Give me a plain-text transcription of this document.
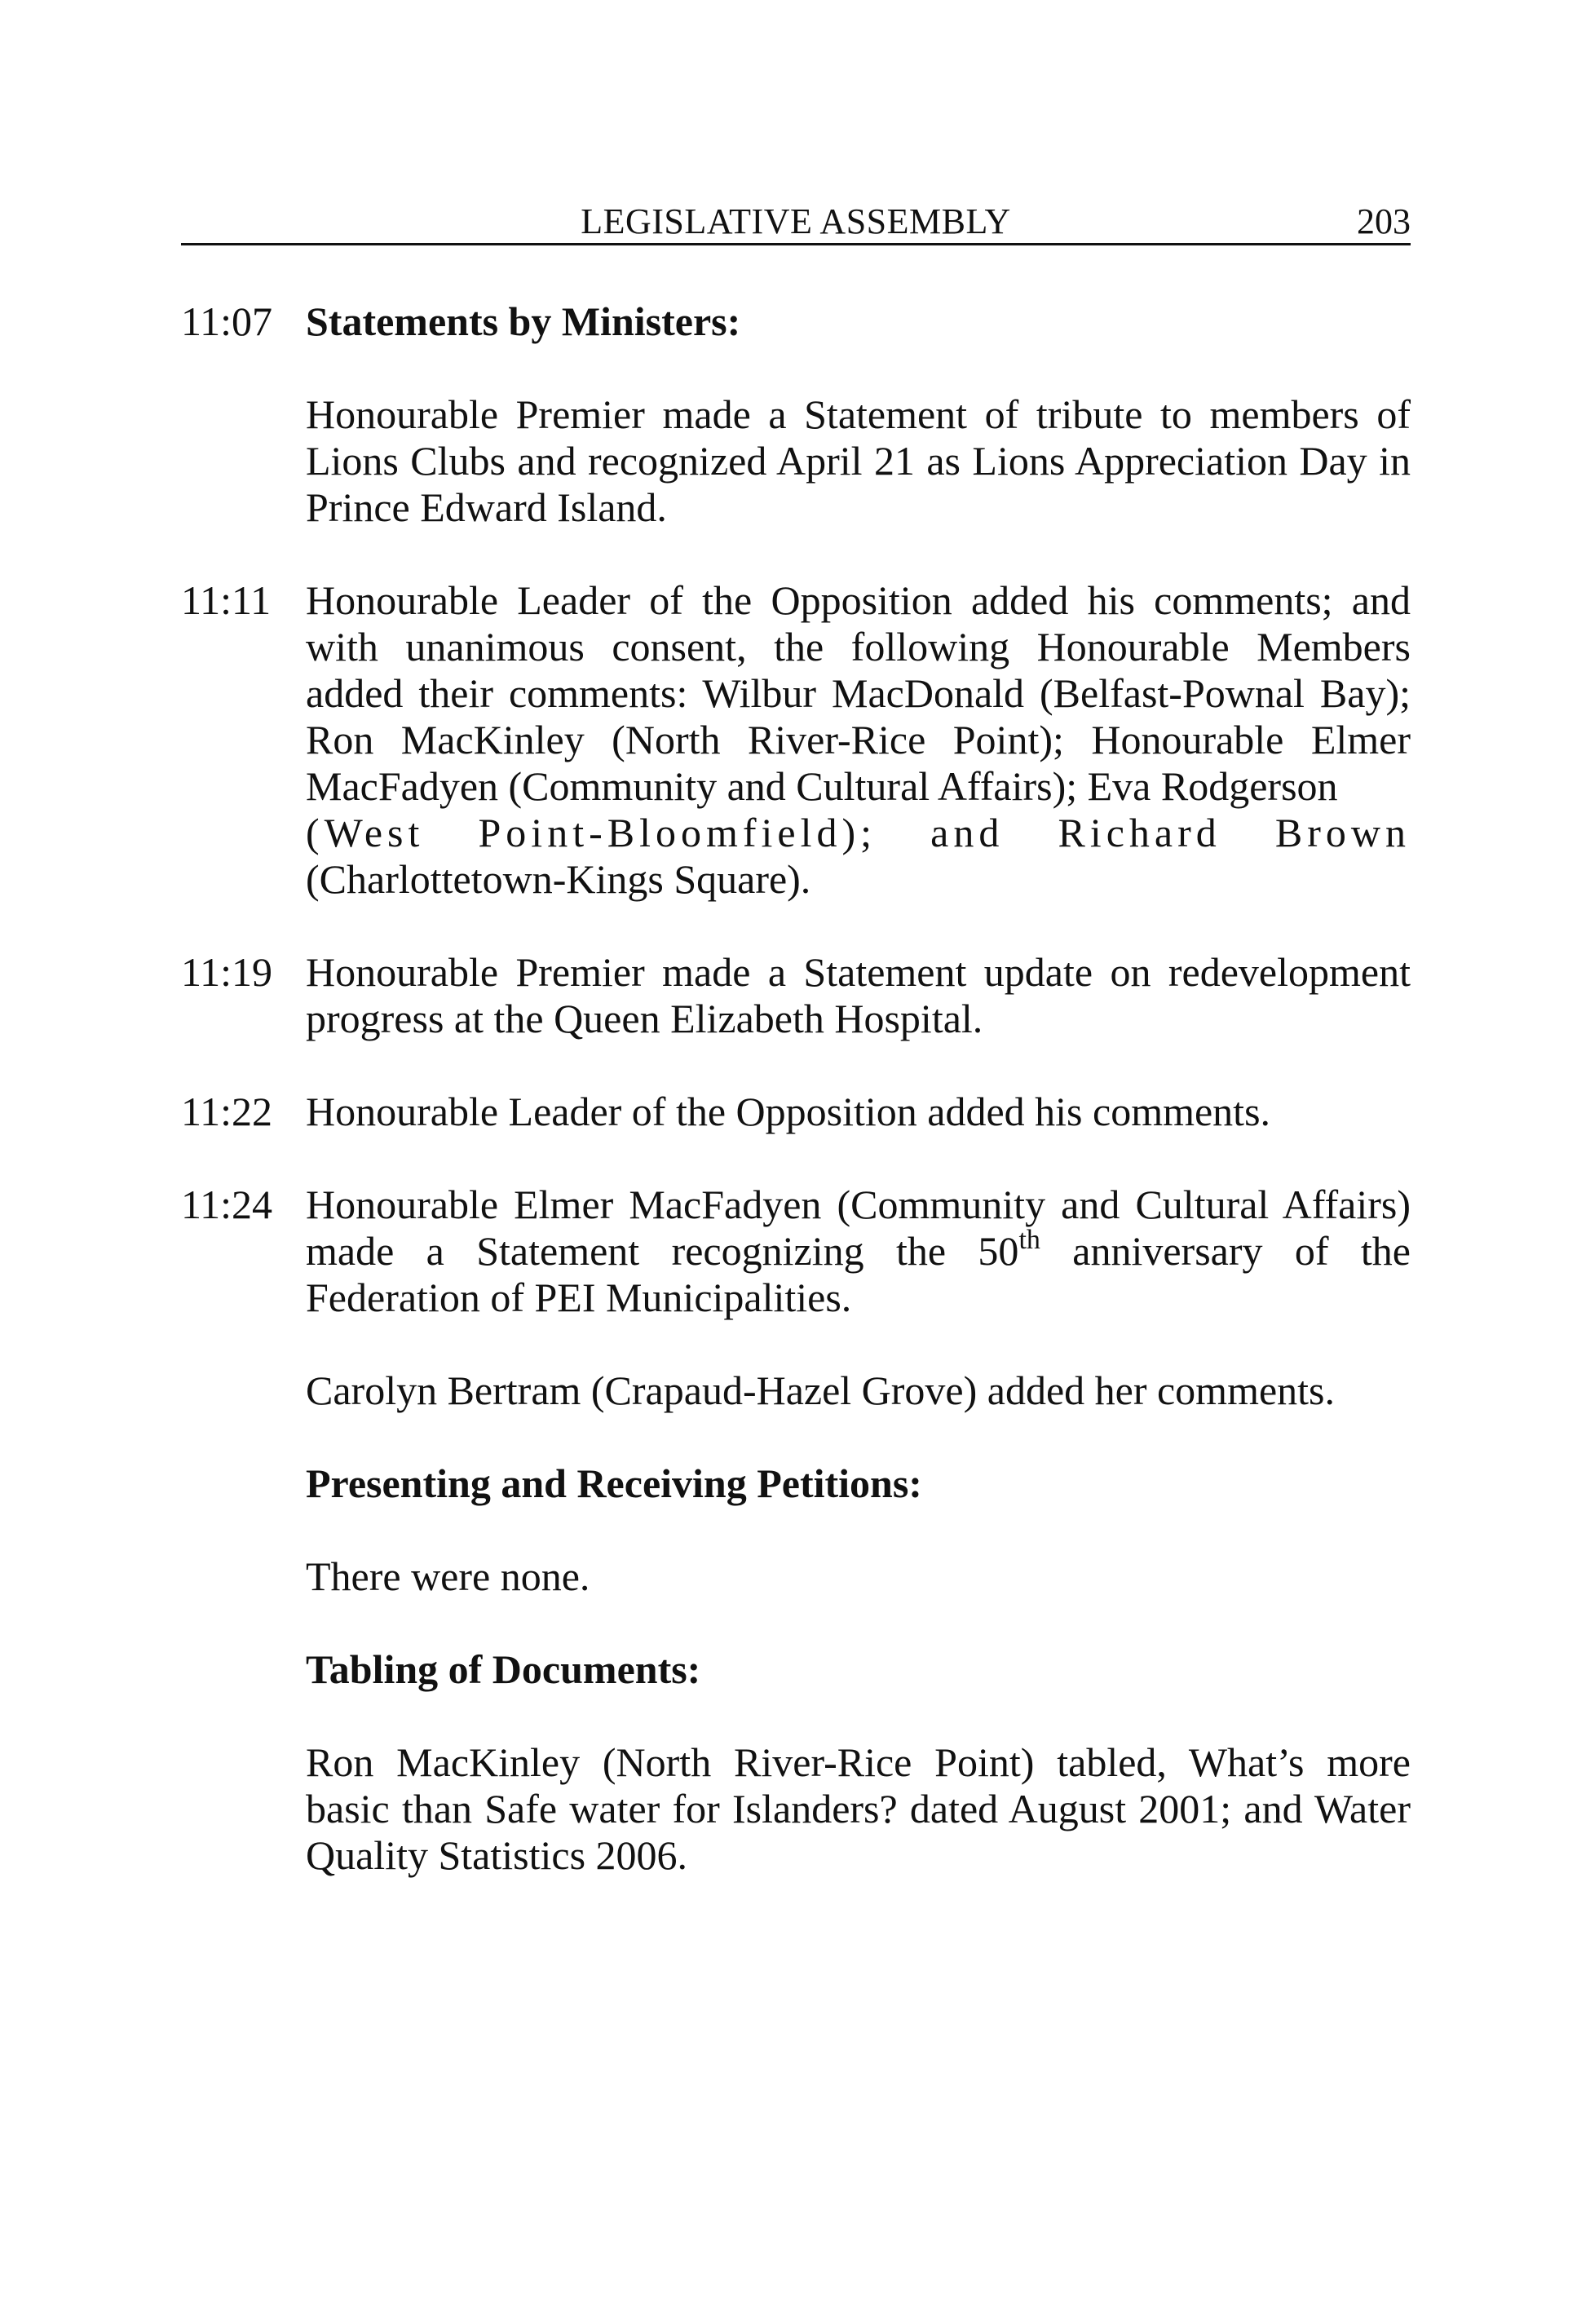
LEGISLATIVE ASSEMBLY	203
11:07 Statements by Ministers:
Honourable Premier made a Statement of tribute to members of Lions Clubs and recognized April 21 as Lions Appreciation Day in Prince Edward Island.
11:11 Honourable Leader of the Opposition added his comments; and with unanimous consent, the following Honourable Members added their comments: Wilbur MacDonald (Belfast-Pownal Bay); Ron MacKinley (North River-Rice Point); Honourable Elmer MacFadyen (Community and Cultural Affairs); Eva Rodgerson
(West Point-Bloomfield); and Richard Brown
(Charlottetown-Kings Square).
11:19 Honourable Premier made a Statement update on redevelopment progress at the Queen Elizabeth Hospital.
11:22 Honourable Leader of the Opposition added his comments.
11:24 Honourable Elmer MacFadyen (Community and Cultural Affairs) made a Statement recognizing the 50th anniversary of the Federation of PEI Municipalities.
Carolyn Bertram (Crapaud-Hazel Grove) added her comments.
Presenting and Receiving Petitions:
There were none.
Tabling of Documents:
Ron MacKinley (North River-Rice Point) tabled, What’s more basic than Safe water for Islanders? dated August 2001; and Water Quality Statistics 2006.
